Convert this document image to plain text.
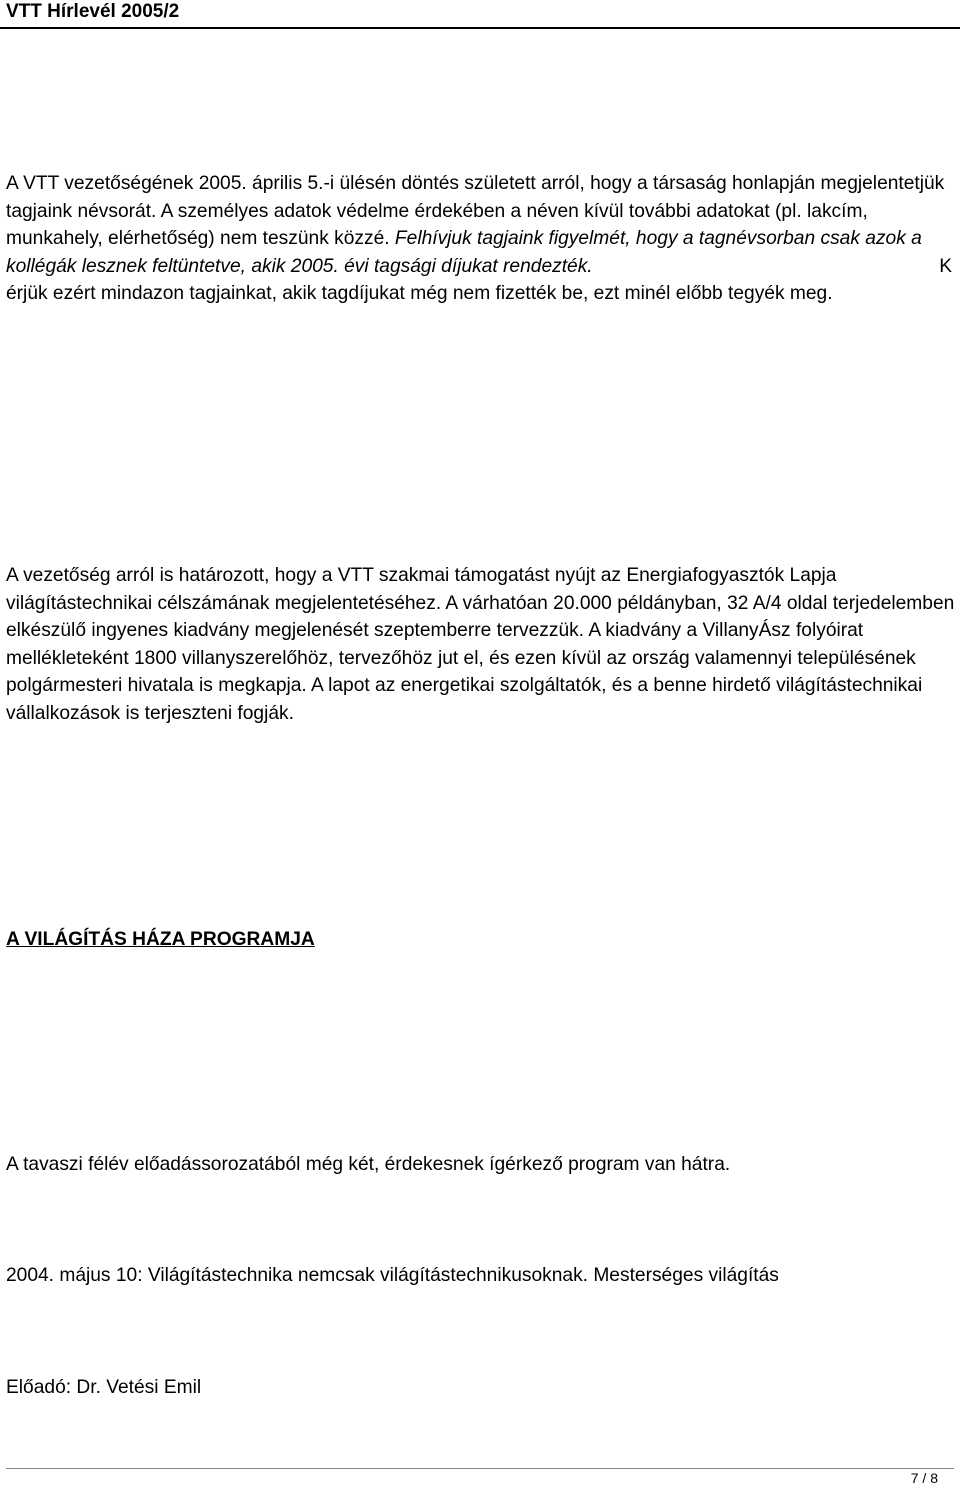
VTT Hírlevél 2005/2

A VTT vezetőségének 2005. április 5.-i ülésén döntés született arról, hogy a társaság honlapján megjelentetjük tagjaink névsorát. A személyes adatok védelme érdekében a néven kívül további adatokat (pl. lakcím, munkahely, elérhetőség) nem teszünk közzé. Felhívjuk tagjaink figyelmét, hogy a tagnévsorban csak azok a kollégák lesznek feltüntetve, akik 2005. évi tagsági díjukat rendezték.	K

érjük ezért mindazon tagjainkat, akik tagdíjukat még nem fizették be, ezt minél előbb tegyék meg.

A vezetőség arról is határozott, hogy a VTT szakmai támogatást nyújt az Energiafogyasztók Lapja világítástechnikai célszámának megjelentetéséhez. A várhatóan 20.000 példányban, 32 A/4 oldal terjedelemben elkészülő ingyenes kiadvány megjelenését szeptemberre tervezzük. A kiadvány a VillanyÁsz folyóirat mellékleteként 1800 villanyszerelőhöz, tervezőhöz jut el, és ezen kívül az ország valamennyi településének polgármesteri hivatala is megkapja. A lapot az energetikai szolgáltatók, és a benne hirdető világítástechnikai vállalkozások is terjeszteni fogják.

A VILÁGÍTÁS HÁZA PROGRAMJA

A tavaszi félév előadássorozatából még két, érdekesnek ígérkező program van hátra.

2004. május 10: Világítástechnika nemcsak világítástechnikusoknak. Mesterséges világítás

Előadó: Dr. Vetési Emil

7 / 8
